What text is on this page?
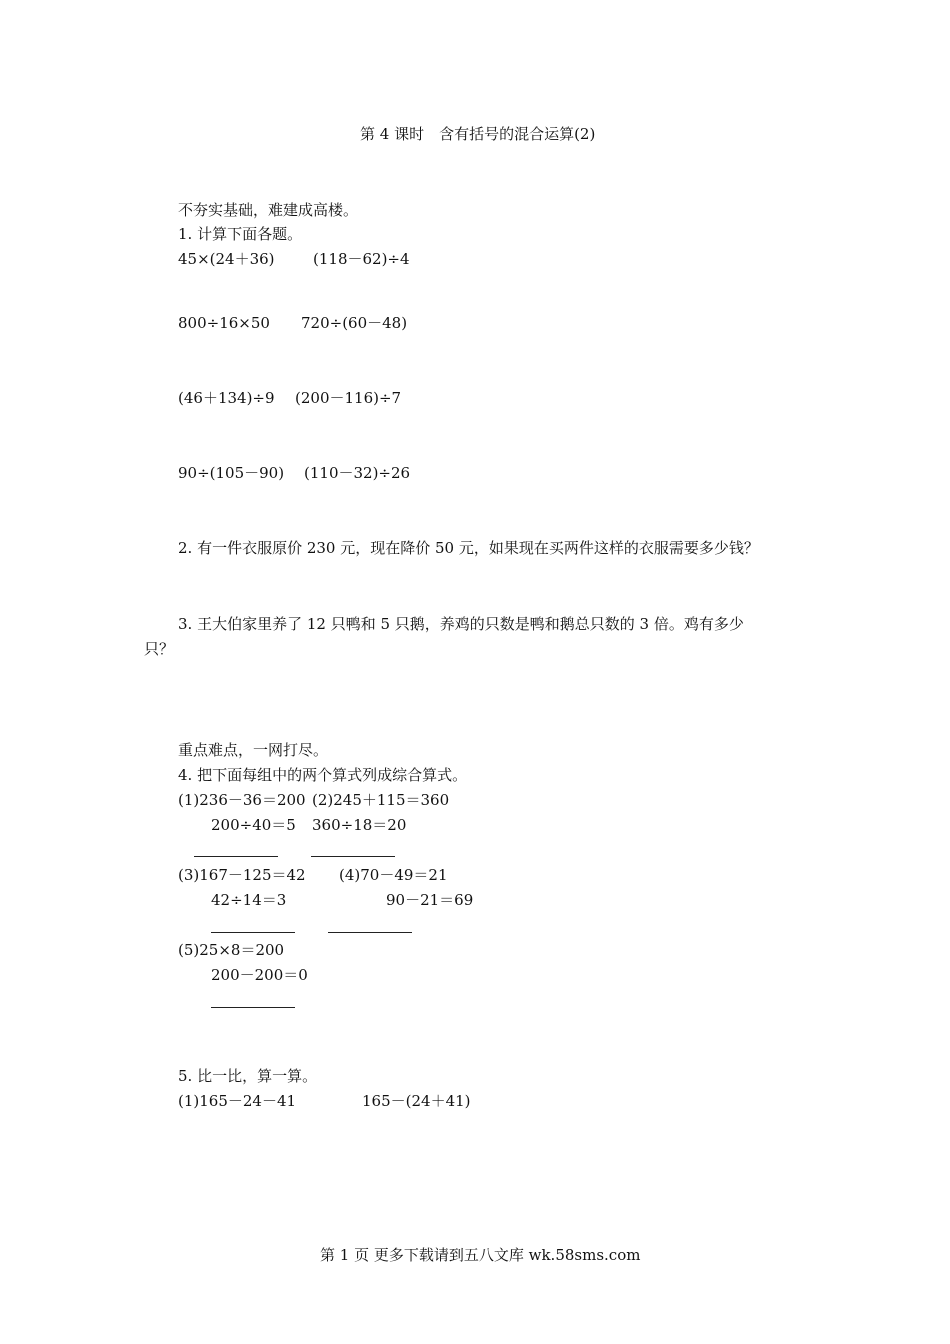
第 4 课时　含有括号的混合运算(2)
不夯实基础，难建成高楼。
1. 计算下面各题。
45×(24＋36)	(118－62)÷4
800÷16×50 720÷(60－48)
(46＋134)÷9 (200－116)÷7
90÷(105－90) (110－32)÷26
2. 有一件衣服原价 230 元，现在降价 50 元，如果现在买两件这样的衣服需要多少钱？
3. 王大伯家里养了 12 只鸭和 5 只鹅，养鸡的只数是鸭和鹅总只数的 3 倍。鸡有多少
只？
重点难点，一网打尽。
4. 把下面每组中的两个算式列成综合算式。
(1)236－36＝200
200÷40＝5
(2)245＋115＝360
360÷18＝20
(3)167－125＝42
42÷14＝3
(4)70－49＝21
90－21＝69
(5)25×8＝200
200－200＝0
5. 比一比，算一算。
(1)165－24－41	165－(24＋41)
第 1 页 更多下载请到五八文库 wk.58sms.com
